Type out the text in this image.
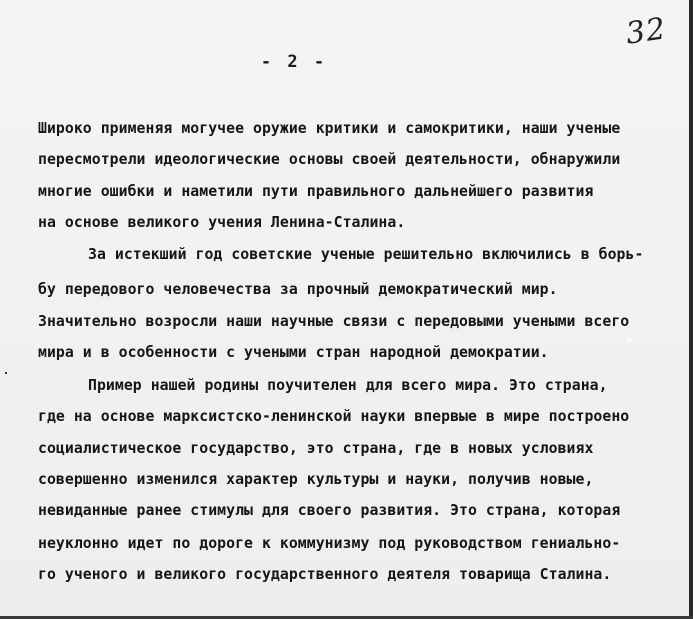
32
- 2 -
Широко применяя могучее оружие критики и самокритики, наши ученые
пересмотрели идеологические основы своей деятельности, обнаружили
многие ошибки и наметили пути правильного дальнейшего развития
на основе великого учения Ленина-Сталина.
За истекший год советские ученые решительно включились в борь-
бу передового человечества за прочный демократический мир.
Значительно возросли наши научные связи с передовыми учеными всего
мира и в особенности с учеными стран народной демократии.
Пример нашей родины поучителен для всего мира. Это страна,
где на основе марксистско-ленинской науки впервые в мире построено
социалистическое государство, это страна, где в новых условиях
совершенно изменился характер культуры и науки, получив новые,
невиданные ранее стимулы для своего развития. Это страна, которая
неуклонно идет по дороге к коммунизму под руководством гениально-
го ученого и великого государственного деятеля товарища Сталина.
